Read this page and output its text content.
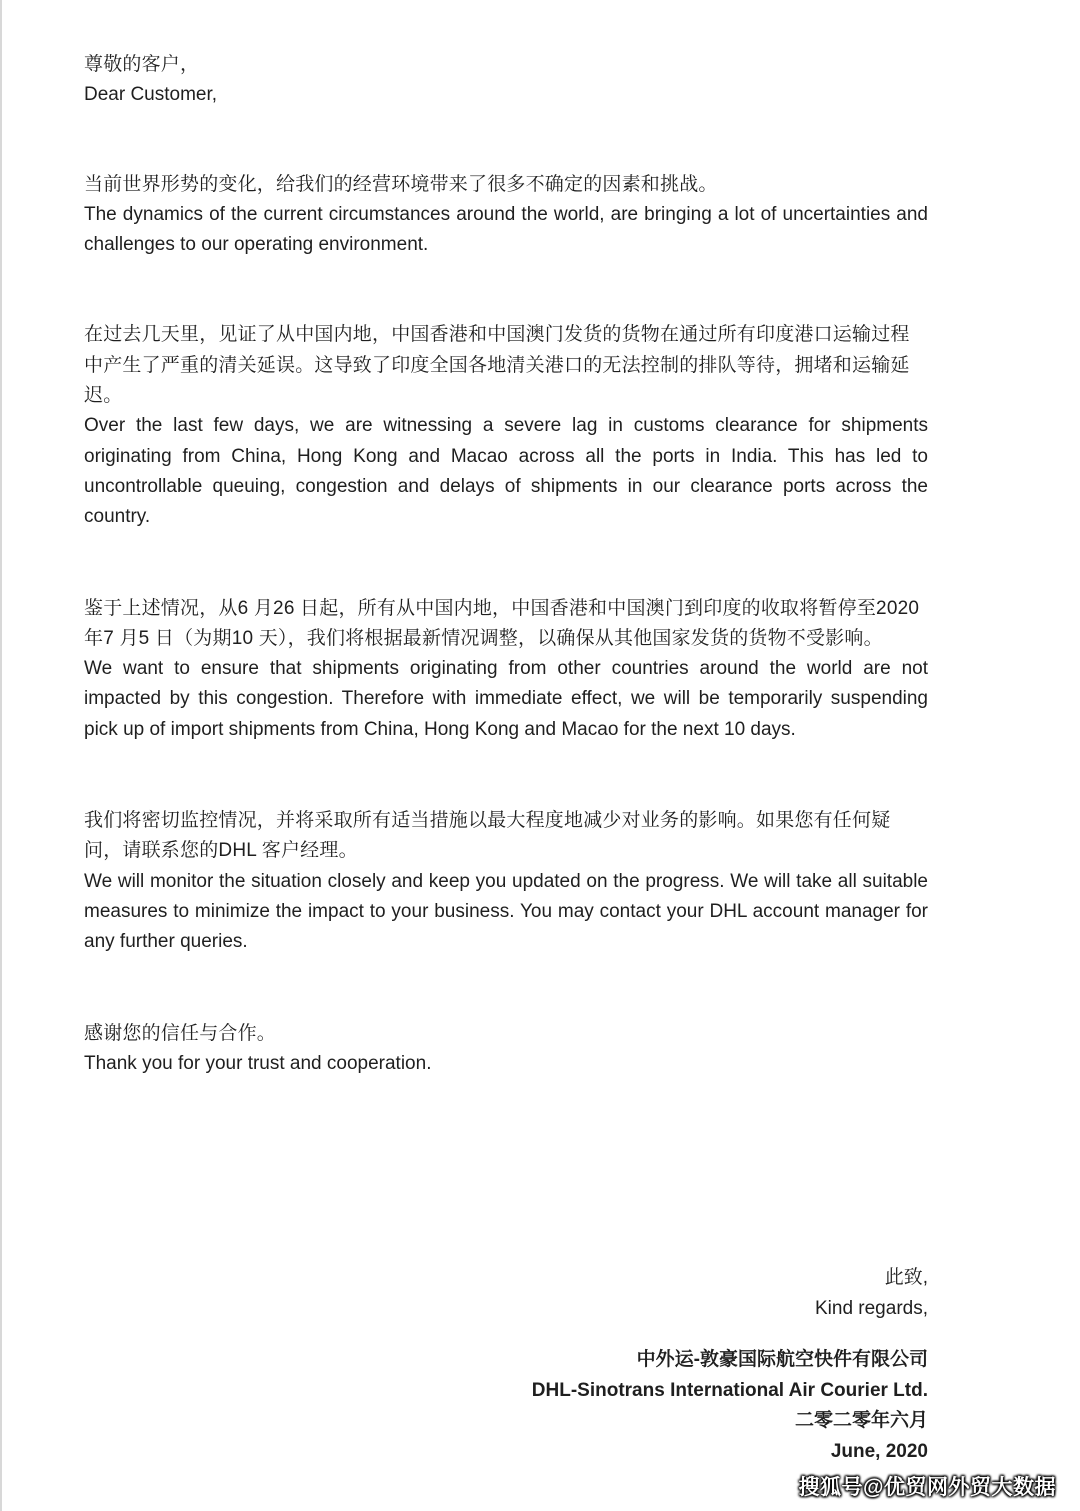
尊敬的客户，

Dear Customer,

当前世界形势的变化，给我们的经营环境带来了很多不确定的因素和挑战。

The dynamics of the current circumstances around the world, are bringing a lot of uncertainties and challenges to our operating environment.

在过去几天里，见证了从中国内地，中国香港和中国澳门发货的货物在通过所有印度港口运输过程中产生了严重的清关延误。这导致了印度全国各地清关港口的无法控制的排队等待，拥堵和运输延迟。

Over the last few days, we are witnessing a severe lag in customs clearance for shipments originating from China, Hong Kong and Macao across all the ports in India. This has led to uncontrollable queuing, congestion and delays of shipments in our clearance ports across the country.

鉴于上述情况，从6 月26 日起，所有从中国内地，中国香港和中国澳门到印度的收取将暂停至2020 年7 月5 日（为期10 天），我们将根据最新情况调整，以确保从其他国家发货的货物不受影响。

We want to ensure that shipments originating from other countries around the world are not impacted by this congestion. Therefore with immediate effect, we will be temporarily suspending pick up of import shipments from China, Hong Kong and Macao for the next 10 days.

我们将密切监控情况，并将采取所有适当措施以最大程度地减少对业务的影响。如果您有任何疑问，请联系您的DHL 客户经理。

We will monitor the situation closely and keep you updated on the progress. We will take all suitable measures to minimize the impact to your business. You may contact your DHL account manager for any further queries.

感谢您的信任与合作。

Thank you for your trust and cooperation.

此致,

Kind regards,

中外运-敦豪国际航空快件有限公司

DHL-Sinotrans International Air Courier Ltd.

二零二零年六月

June, 2020

搜狐号@优贸网外贸大数据
